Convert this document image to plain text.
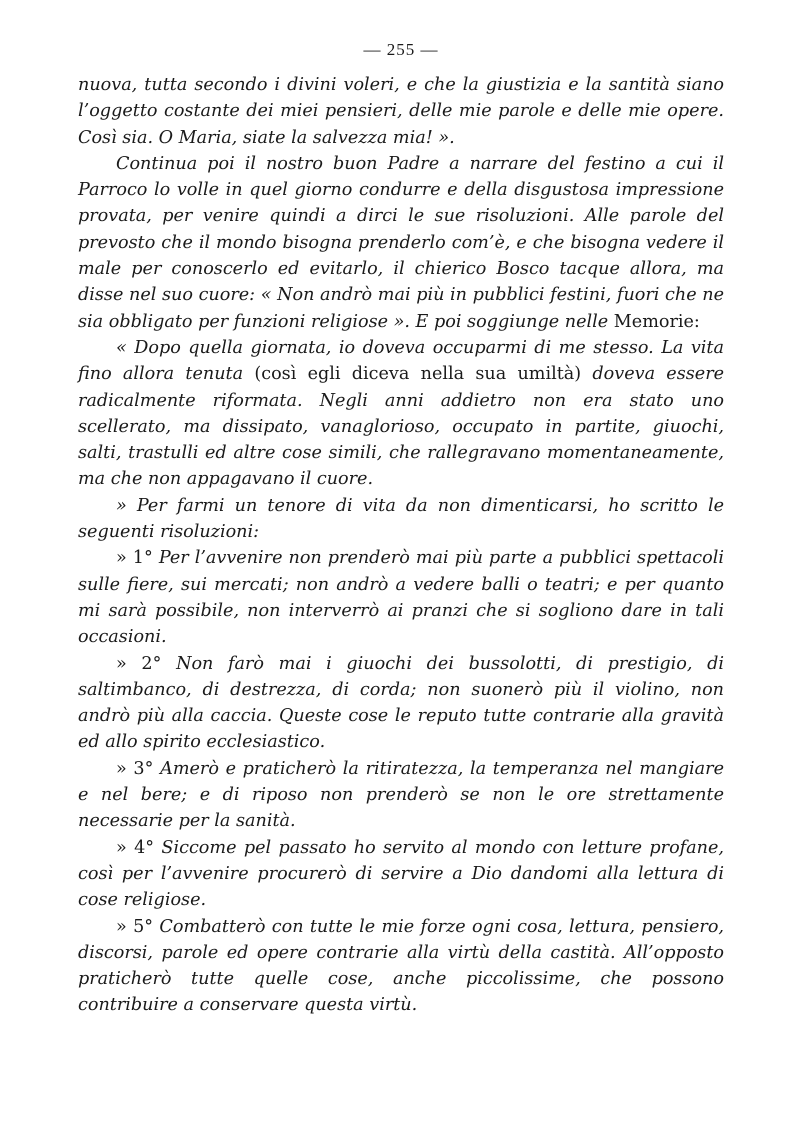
— 255 —

nuova, tutta secondo i divini voleri, e che la giustizia e la santità siano l’oggetto costante dei miei pensieri, delle mie parole e delle mie opere. Così sia. O Maria, siate la salvezza mia! ».

Continua poi il nostro buon Padre a narrare del festino a cui il Parroco lo volle in quel giorno condurre e della disgustosa impressione provata, per venire quindi a dirci le sue risoluzioni. Alle parole del prevosto che il mondo bisogna prenderlo com’è, e che bisogna vedere il male per conoscerlo ed evitarlo, il chierico Bosco tacque allora, ma disse nel suo cuore: « Non andrò mai più in pubblici festini, fuori che ne sia obbligato per funzioni religiose ». E poi soggiunge nelle Memorie:

« Dopo quella giornata, io doveva occuparmi di me stesso. La vita fino allora tenuta (così egli diceva nella sua umiltà) doveva essere radicalmente riformata. Negli anni addietro non era stato uno scellerato, ma dissipato, vanaglorioso, occupato in partite, giuochi, salti, trastulli ed altre cose simili, che rallegravano momentaneamente, ma che non appagavano il cuore.

» Per farmi un tenore di vita da non dimenticarsi, ho scritto le seguenti risoluzioni:

» 1° Per l’avvenire non prenderò mai più parte a pubblici spettacoli sulle fiere, sui mercati; non andrò a vedere balli o teatri; e per quanto mi sarà possibile, non interverrò ai pranzi che si sogliono dare in tali occasioni.

» 2° Non farò mai i giuochi dei bussolotti, di prestigio, di saltimbanco, di destrezza, di corda; non suonerò più il violino, non andrò più alla caccia. Queste cose le reputo tutte contrarie alla gravità ed allo spirito ecclesiastico.

» 3° Amerò e praticherò la ritiratezza, la temperanza nel mangiare e nel bere; e di riposo non prenderò se non le ore strettamente necessarie per la sanità.

» 4° Siccome pel passato ho servito al mondo con letture profane, così per l’avvenire procurerò di servire a Dio dandomi alla lettura di cose religiose.

» 5° Combatterò con tutte le mie forze ogni cosa, lettura, pensiero, discorsi, parole ed opere contrarie alla virtù della castità. All’opposto praticherò tutte quelle cose, anche piccolissime, che possono contribuire a conservare questa virtù.
